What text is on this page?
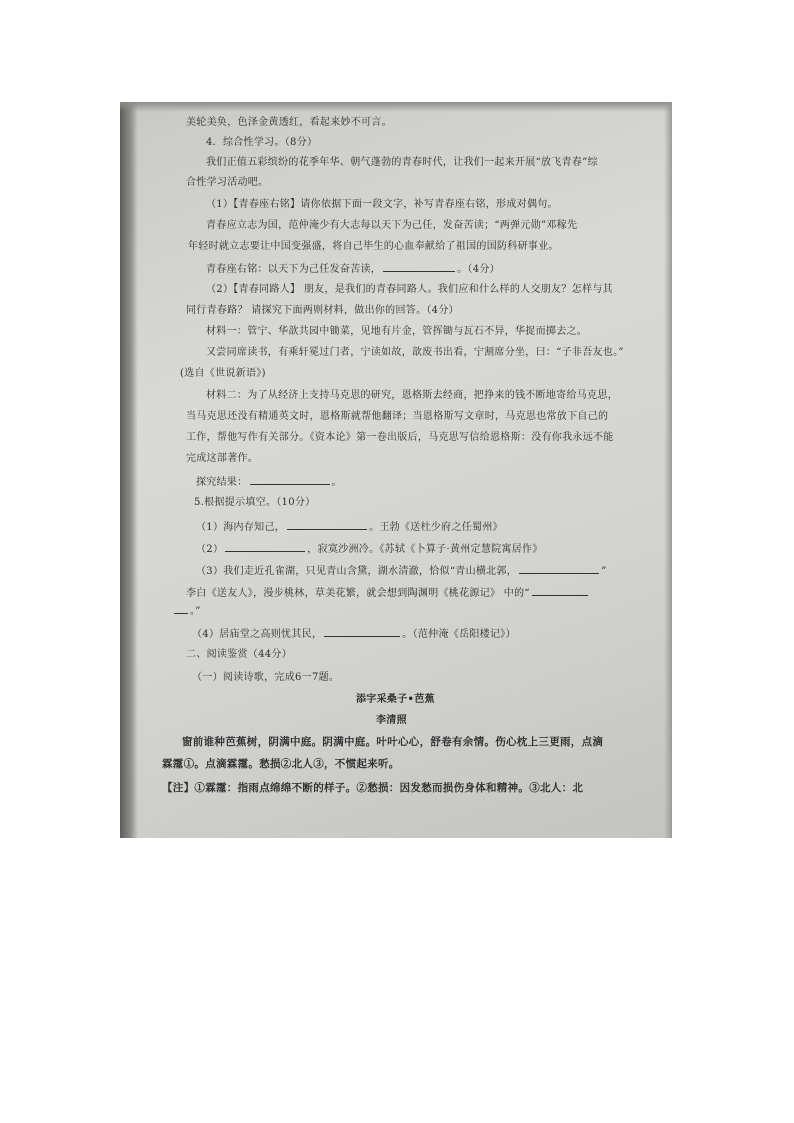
美轮美奂，色泽金黄透红，看起来妙不可言。
4．综合性学习。（8分）
我们正值五彩缤纷的花季年华、朝气蓬勃的青春时代，让我们一起来开展“放飞青春”综
合性学习活动吧。
（1）【青春座右铭】请你依据下面一段文字，补写青春座右铭，形成对偶句。
青春应立志为国，范仲淹少有大志每以天下为己任，发奋苦读；“两弹元勋”邓稼先
年轻时就立志要让中国变强盛，将自己毕生的心血奉献给了祖国的国防科研事业。
青春座右铭：以天下为己任发奋苦读，	。（4分）
（2）【青春同路人】 朋友，是我们的青春同路人。我们应和什么样的人交朋友？怎样与其
同行青春路？ 请探究下面两则材料，做出你的回答。（4分）
材料一：管宁、华歆共园中锄菜，见地有片金，管挥锄与瓦石不异，华捉而掷去之。
又尝同席读书，有乘轩冕过门者，宁读如故，歆废书出看，宁割席分坐，曰：“子非吾友也。”
(选自《世说新语》)
材料二：为了从经济上支持马克思的研究，恩格斯去经商，把挣来的钱不断地寄给马克思，
当马克思还没有精通英文时，恩格斯就帮他翻译；当恩格斯写文章时，马克思也常放下自己的
工作，帮他写作有关部分。《资本论》第一卷出版后，马克思写信给恩格斯：没有你我永远不能
完成这部著作。
探究结果：	。
5.根据提示填空。（10分）
（1）海内存知己，	。王勃《送杜少府之任蜀州》
（2）	，寂寞沙洲冷。《苏轼《卜算子·黄州定慧院寓居作》
（3）我们走近孔雀湖，只见青山含黛，湖水清澈，恰似“青山横北郭，	”
李白《送友人》，漫步桃林，草美花繁，就会想到陶渊明《桃花源记》 中的“
。”
（4）居庙堂之高则忧其民，	。（范仲淹《岳阳楼记》）
二、阅读鉴赏（44分）
（一）阅读诗歌，完成6一7题。
添字采桑子•芭蕉
李清照
窗前谁种芭蕉树，阴满中庭。阴满中庭。叶叶心心，舒卷有余情。伤心枕上三更雨，点滴
霖霪①。点滴霖霪。愁损②北人③，不惯起来听。
【注】①霖霪：指雨点绵绵不断的样子。②愁损：因发愁而损伤身体和精神。③北人：北
